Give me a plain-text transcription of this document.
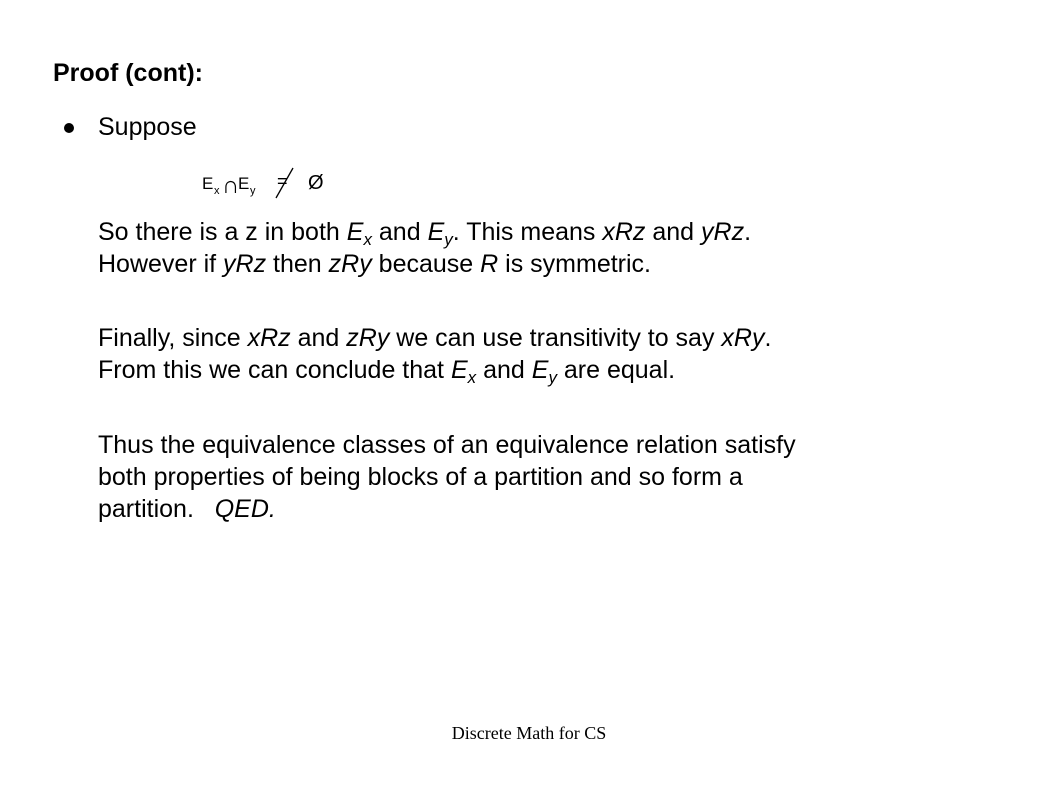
Proof (cont):
Suppose
E x ∩
E y = Ø
So there is a z in both $E_x$ and $E_y$. This means xRz and yRz.
However if yRz then zRy because R is symmetric.
Finally, since xRz and zRy we can use transitivity to say xRy.
From this we can conclude that $E_x$ and $E_y$ are equal.
Thus the equivalence classes of an equivalence relation satisfy
both properties of being blocks of a partition and so form a
partition.   QED.
Discrete Math for CS
